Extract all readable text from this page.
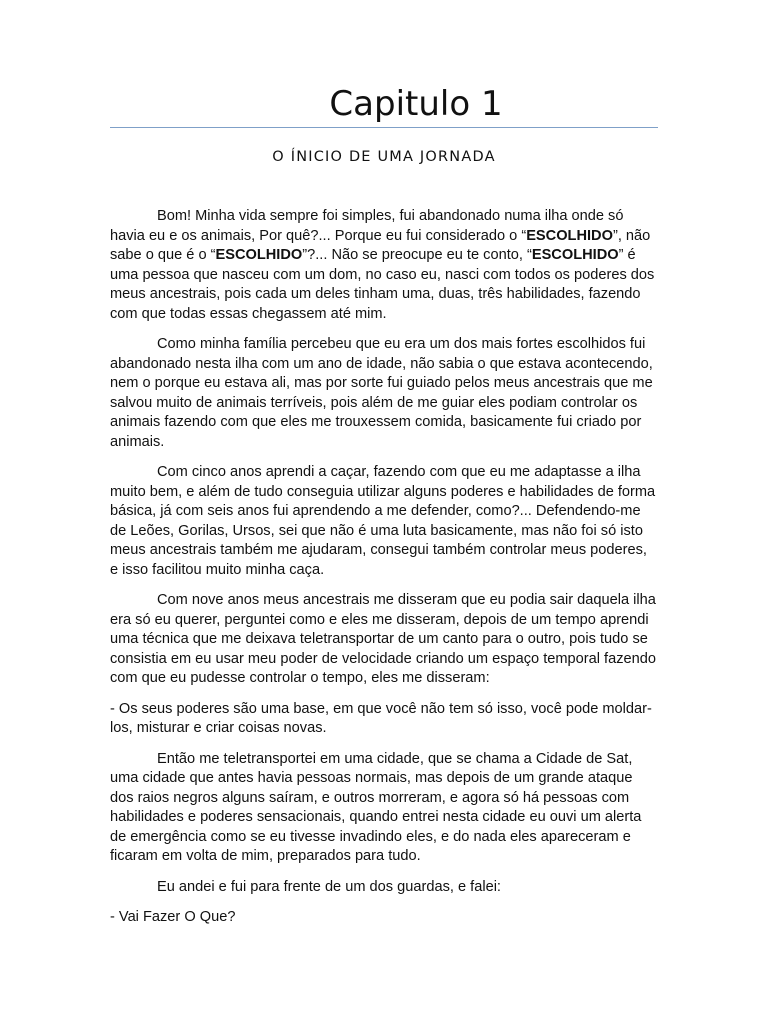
Capitulo 1
O ÍNICIO DE UMA JORNADA

Bom! Minha vida sempre foi simples, fui abandonado numa ilha onde só havia eu e os animais, Por quê?... Porque eu fui considerado o “ESCOLHIDO”, não sabe o que é o “ESCOLHIDO”?... Não se preocupe eu te conto, “ESCOLHIDO” é uma pessoa que nasceu com um dom, no caso eu, nasci com todos os poderes dos meus ancestrais, pois cada um deles tinham uma, duas, três habilidades, fazendo com que todas essas chegassem até mim.

Como minha família percebeu que eu era um dos mais fortes escolhidos fui abandonado nesta ilha com um ano de idade, não sabia o que estava acontecendo, nem o porque eu estava ali, mas por sorte fui guiado pelos meus ancestrais que me salvou muito de animais terríveis, pois além de me guiar eles podiam controlar os animais fazendo com que eles me trouxessem comida, basicamente fui criado por animais.

Com cinco anos aprendi a caçar, fazendo com que eu me adaptasse a ilha muito bem, e além de tudo conseguia utilizar alguns poderes e habilidades de forma básica, já com seis anos fui aprendendo a me defender, como?... Defendendo-me de Leões, Gorilas, Ursos, sei que não é uma luta basicamente, mas não foi só isto meus ancestrais também me ajudaram, consegui também controlar meus poderes, e isso facilitou muito minha caça.

Com nove anos meus ancestrais me disseram que eu podia sair daquela ilha era só eu querer, perguntei como e eles me disseram, depois de um tempo aprendi uma técnica que me deixava teletransportar de um canto para o outro, pois tudo se consistia em eu usar meu poder de velocidade criando um espaço temporal fazendo com que eu pudesse controlar o tempo, eles me disseram:

- Os seus poderes são uma base, em que você não tem só isso, você pode moldar-los, misturar e criar coisas novas.

Então me teletransportei em uma cidade, que se chama a Cidade de Sat, uma cidade que antes havia pessoas normais, mas depois de um grande ataque dos raios negros alguns saíram, e outros morreram, e agora só há pessoas com habilidades e poderes sensacionais, quando entrei nesta cidade eu ouvi um alerta de emergência como se eu tivesse invadindo eles, e do nada eles apareceram e ficaram em volta de mim, preparados para tudo.

Eu andei e fui para frente de um dos guardas, e falei:

- Vai Fazer O Que?
